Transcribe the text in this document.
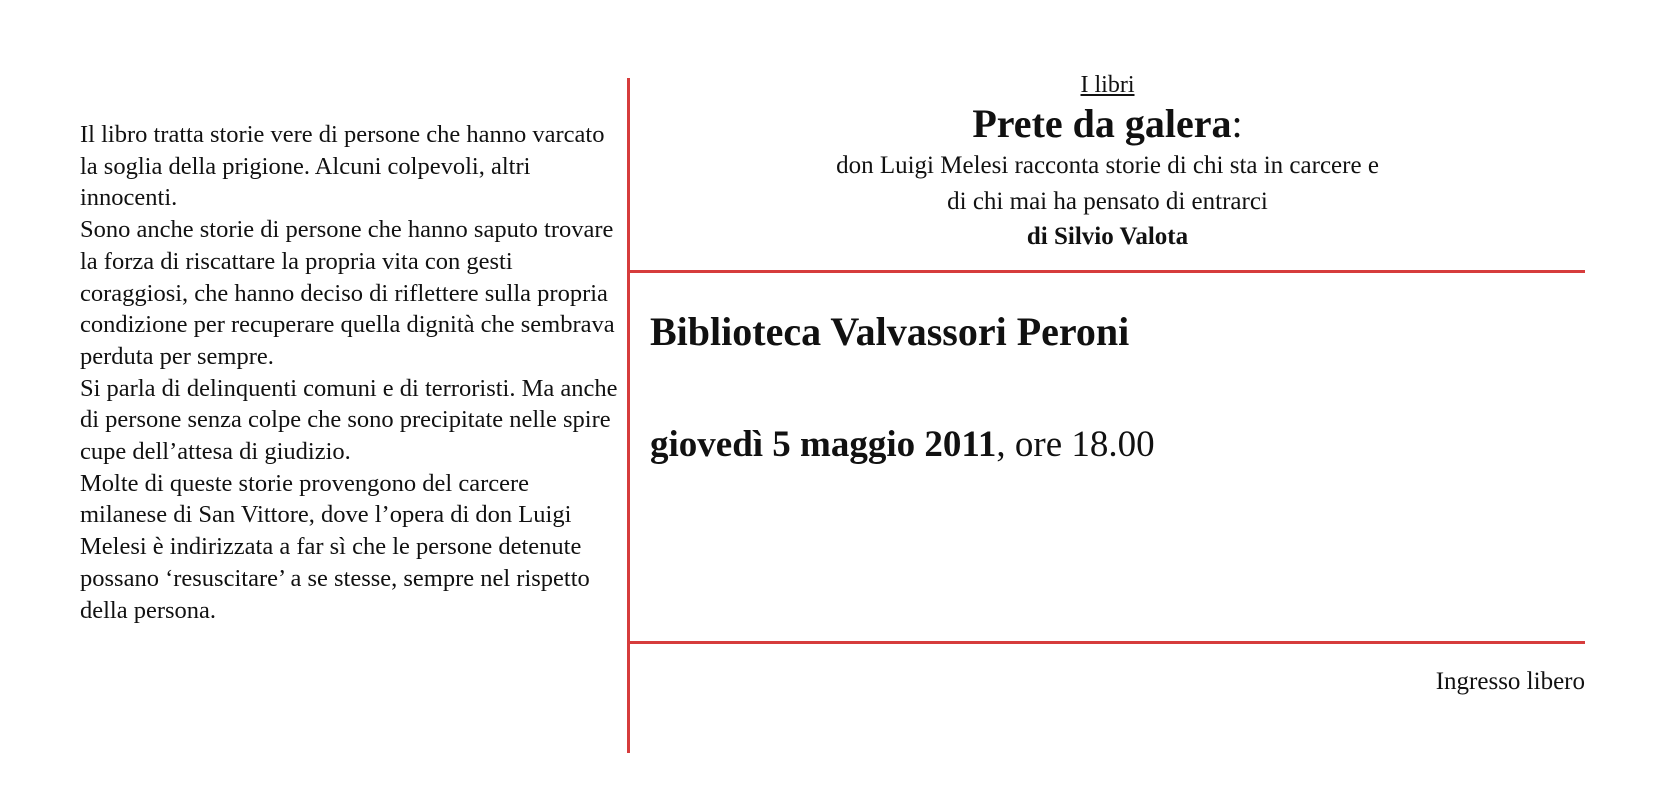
Il libro tratta storie vere di persone che hanno varcato la soglia della prigione. Alcuni colpevoli, altri innocenti.

Sono anche storie di persone che hanno saputo trovare la forza di riscattare la propria vita con gesti coraggiosi, che hanno deciso di riflettere sulla propria condizione per recuperare quella dignità che sembrava perduta per sempre.

Si parla di delinquenti comuni e di terroristi. Ma anche di persone senza colpe che sono precipitate nelle spire cupe dell’attesa di giudizio.

Molte di queste storie provengono del carcere milanese di San Vittore, dove l’opera di don Luigi Melesi è indirizzata a far sì che le persone detenute possano ‘resuscitare’ a se stesse, sempre nel rispetto della persona.

I libri
Prete da galera:
don Luigi Melesi racconta storie di chi sta in carcere e
di chi mai ha pensato di entrarci
di Silvio Valota
Biblioteca Valvassori Peroni
giovedì 5 maggio 2011, ore 18.00
Ingresso libero
